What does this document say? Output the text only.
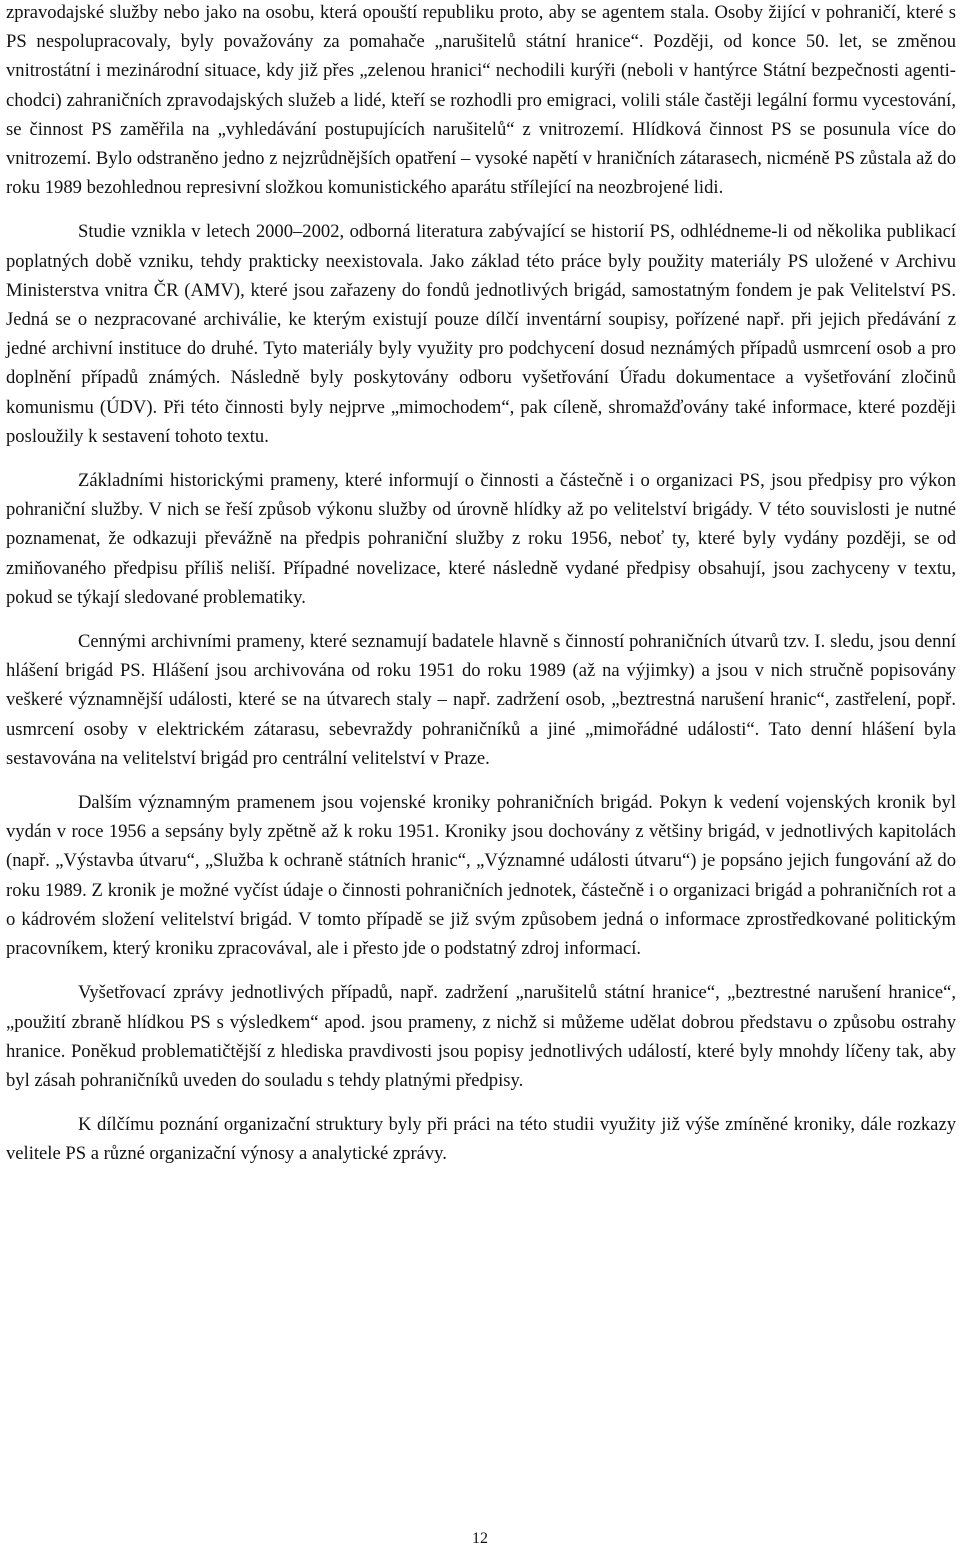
zpravodajské služby nebo jako na osobu, která opouští republiku proto, aby se agentem stala. Osoby žijící v pohraničí, které s PS nespolupracovaly, byly považovány za pomahače „narušitelů státní hranice“. Později, od konce 50. let, se změnou vnitrostátní i mezinárodní situace, kdy již přes „zelenou hranici“ nechodili kurýři (neboli v hantýrce Státní bezpečnosti agentichodci) zahraničních zpravodajských služeb a lidé, kteří se rozhodli pro emigraci, volili stále častěji legální formu vycestování, se činnost PS zaměřila na „vyhledávání postupujících narušitelů“ z vnitrozemí. Hlídková činnost PS se posunula více do vnitrozemí. Bylo odstraněno jedno z nejzrůdnějších opatření – vysoké napětí v hraničních zátarasech, nicméně PS zůstala až do roku 1989 bezohlednou represivní složkou komunistického aparátu střílející na neozbrojené lidi.

Studie vznikla v letech 2000–2002, odborná literatura zabývající se historií PS, odhlédneme-li od několika publikací poplatných době vzniku, tehdy prakticky neexistovala. Jako základ této práce byly použity materiály PS uložené v Archivu Ministerstva vnitra ČR (AMV), které jsou zařazeny do fondů jednotlivých brigád, samostatným fondem je pak Velitelství PS. Jedná se o nezpracované archiválie, ke kterým existují pouze dílčí inventární soupisy, pořízené např. při jejich předávání z jedné archivní instituce do druhé. Tyto materiály byly využity pro podchycení dosud neznámých případů usmrcení osob a pro doplnění případů známých. Následně byly poskytovány odboru vyšetřování Úřadu dokumentace a vyšetřování zločinů komunismu (ÚDV). Při této činnosti byly nejprve „mimochodem“, pak cíleně, shromažďovány také informace, které později posloužily k sestavení tohoto textu.

Základními historickými prameny, které informují o činnosti a částečně i o organizaci PS, jsou předpisy pro výkon pohraniční služby. V nich se řeší způsob výkonu služby od úrovně hlídky až po velitelství brigády. V této souvislosti je nutné poznamenat, že odkazuji převážně na předpis pohraniční služby z roku 1956, neboť ty, které byly vydány později, se od zmiňovaného předpisu příliš neliší. Případné novelizace, které následně vydané předpisy obsahují, jsou zachyceny v textu, pokud se týkají sledované problematiky.

Cennými archivními prameny, které seznamují badatele hlavně s činností pohraničních útvarů tzv. I. sledu, jsou denní hlášení brigád PS. Hlášení jsou archivována od roku 1951 do roku 1989 (až na výjimky) a jsou v nich stručně popisovány veškeré významnější události, které se na útvarech staly – např. zadržení osob, „beztrestná narušení hranic“, zastřelení, popř. usmrcení osoby v elektrickém zátarasu, sebevraždy pohraničníků a jiné „mimořádné události“. Tato denní hlášení byla sestavována na velitelství brigád pro centrální velitelství v Praze.

Dalším významným pramenem jsou vojenské kroniky pohraničních brigád. Pokyn k vedení vojenských kronik byl vydán v roce 1956 a sepsány byly zpětně až k roku 1951. Kroniky jsou dochovány z většiny brigád, v jednotlivých kapitolách (např. „Výstavba útvaru“, „Služba k ochraně státních hranic“, „Významné události útvaru“) je popsáno jejich fungování až do roku 1989. Z kronik je možné vyčíst údaje o činnosti pohraničních jednotek, částečně i o organizaci brigád a pohraničních rot a o kádrovém složení velitelství brigád. V tomto případě se již svým způsobem jedná o informace zprostředkované politickým pracovníkem, který kroniku zpracovával, ale i přesto jde o podstatný zdroj informací.

Vyšetřovací zprávy jednotlivých případů, např. zadržení „narušitelů státní hranice“, „beztrestné narušení hranice“, „použití zbraně hlídkou PS s výsledkem“ apod. jsou prameny, z nichž si můžeme udělat dobrou představu o způsobu ostrahy hranice. Poněkud problematičtější z hlediska pravdivosti jsou popisy jednotlivých událostí, které byly mnohdy líčeny tak, aby byl zásah pohraničníků uveden do souladu s tehdy platnými předpisy.

K dílčímu poznání organizační struktury byly při práci na této studii využity již výše zmíněné kroniky, dále rozkazy velitele PS a různé organizační výnosy a analytické zprávy.

12
